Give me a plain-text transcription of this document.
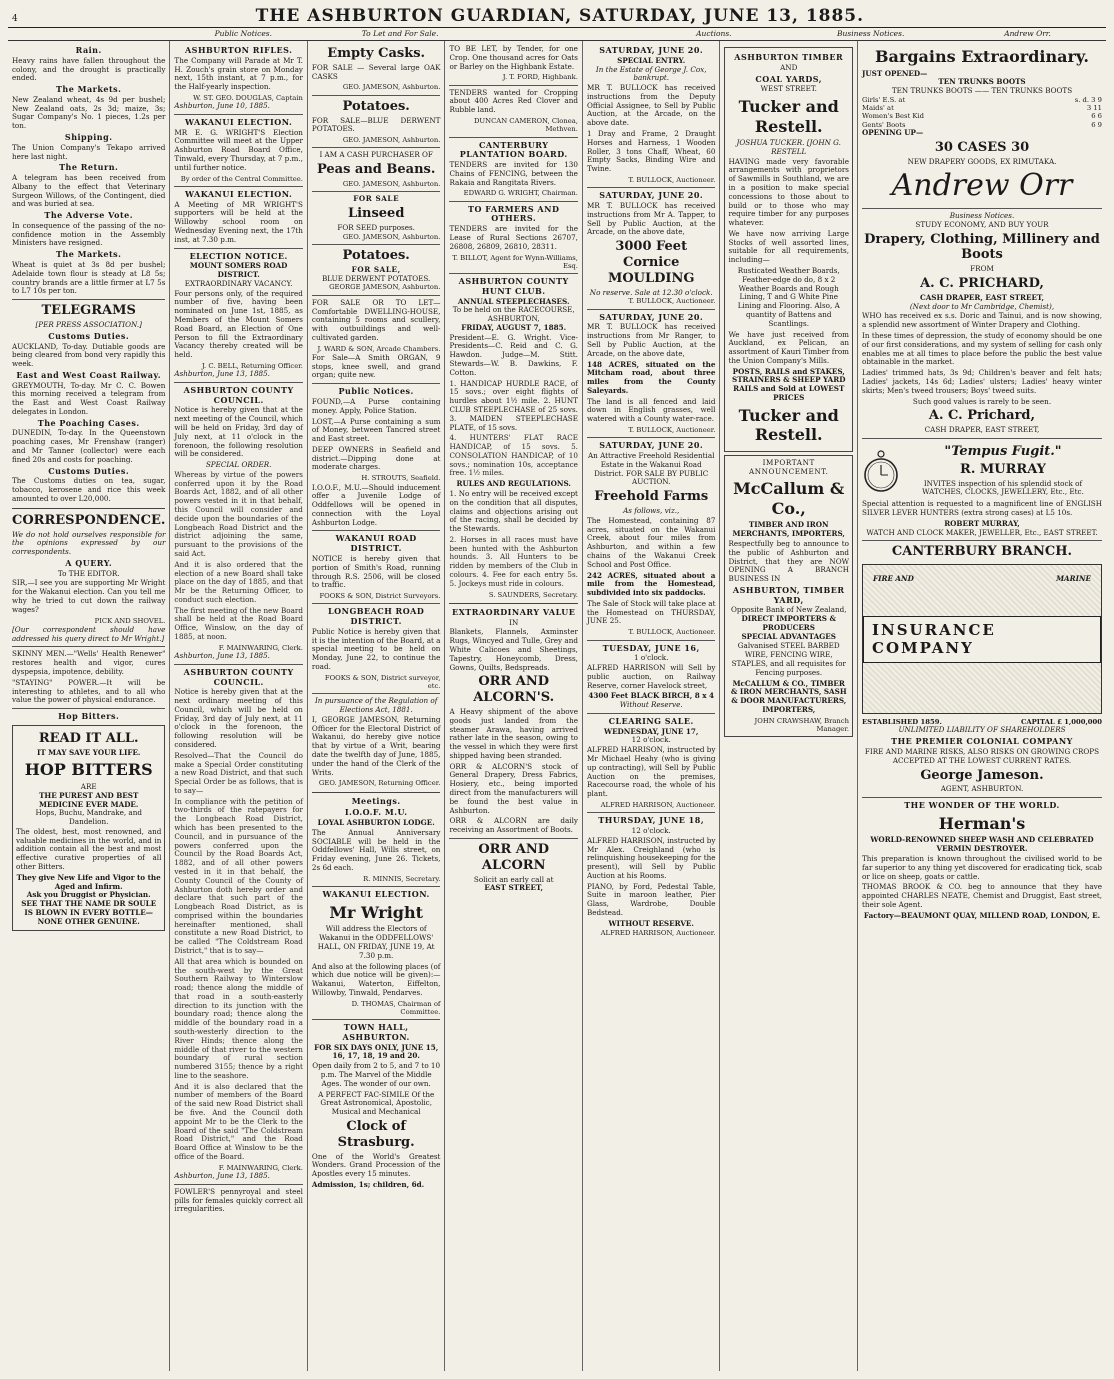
4	THE ASHBURTON GUARDIAN, SATURDAY, JUNE 13, 1885.
Public Notices.	To Let and For Sale.	Auctions.	Business Notices.	Andrew Orr.
Rain.

Heavy rains have fallen throughout the colony, and the drought is practically ended.

The Markets.

New Zealand wheat, 4s 9d per bushel; New Zealand oats, 2s 3d; maize, 3s; Sugar Company's No. 1 pieces, 1.2s per ton.

Shipping.

The Union Company's Tekapo arrived here last night.

The Return.

A telegram has been received from Albany to the effect that Veterinary Surgeon Willows, of the Contingent, died and was buried at sea.

The Adverse Vote.

In consequence of the passing of the no-confidence motion in the Assembly Ministers have resigned.

The Markets.

Wheat is quiet at 3s 8d per bushel; Adelaide town flour is steady at L8 5s; country brands are a little firmer at L7 5s to L7 10s per ton.

TELEGRAMS
[PER PRESS ASSOCIATION.]
Customs Duties.

AUCKLAND, To-day. Dutiable goods are being cleared from bond very rapidly this week.

East and West Coast Railway.

GREYMOUTH, To-day. Mr C. C. Bowen this morning received a telegram from the East and West Coast Railway delegates in London.

The Poaching Cases.

DUNEDIN, To-day. In the Queenstown poaching cases, Mr Frenshaw (ranger) and Mr Tanner (collector) were each fined 20s and costs for poaching.

Customs Duties.

The Customs duties on tea, sugar, tobacco, kerosene and rice this week amounted to over L20,000.

CORRESPONDENCE.

We do not hold ourselves responsible for the opinions expressed by our correspondents.

A QUERY.
To THE EDITOR.

SIR,—I see you are supporting Mr Wright for the Wakanui election. Can you tell me why he tried to cut down the railway wages?

PICK AND SHOVEL.

[Our correspondent should have addressed his query direct to Mr Wright.]

SKINNY MEN.—"Wells' Health Renewer" restores health and vigor, cures dyspepsia, impotence, debility.

"STAYING" POWER.—It will be interesting to athletes, and to all who value the power of physical endurance.

Hop Bitters.
READ IT ALL.
IT MAY SAVE YOUR LIFE.
HOP BITTERS
ARE
THE PUREST AND BEST MEDICINE EVER MADE.
Hops, Buchu, Mandrake, and Dandelion.

The oldest, best, most renowned, and valuable medicines in the world, and in addition contain all the best and most effective curative properties of all other Bitters.

They give New Life and Vigor to the Aged and Infirm.
Ask you Druggist or Physician.
SEE THAT THE NAME DR SOULE IS BLOWN IN EVERY BOTTLE—NONE OTHER GENUINE.
ASHBURTON RIFLES.

The Company will Parade at Mr T. H. Zouch's grain store on Monday next, 15th instant, at 7 p.m., for the Half-yearly inspection.

W. ST. GEO. DOUGLAS, Captain
Ashburton, June 10, 1885.
WAKANUI ELECTION.

MR E. G. WRIGHT'S Election Committee will meet at the Upper Ashburton Road Board Office, Tinwald, every Thursday, at 7 p.m., until further notice.

By order of the Central Committee.
WAKANUI ELECTION.

A Meeting of MR WRIGHT'S supporters will be held at the Willowby school room on Wednesday Evening next, the 17th inst, at 7.30 p.m.

ELECTION NOTICE.
MOUNT SOMERS ROAD DISTRICT.
EXTRAORDINARY VACANCY.

Four persons only, of the required number of five, having been nominated on June 1st, 1885, as Members of the Mount Somers Road Board, an Election of One Person to fill the Extraordinary Vacancy thereby created will be held.

J. C. BELL, Returning Officer.
Ashburton, June 13, 1885.
ASHBURTON COUNTY COUNCIL.

Notice is hereby given that at the next meeting of the Council, which will be held on Friday, 3rd day of July next, at 11 o'clock in the forenoon, the following resolution will be considered.

SPECIAL ORDER.

Whereas by virtue of the powers conferred upon it by the Road Boards Act, 1882, and of all other powers vested in it in that behalf, this Council will consider and decide upon the boundaries of the Longbeach Road District and the district adjoining the same, pursuant to the provisions of the said Act.

And it is also ordered that the election of a new Board shall take place on the day of 1885, and that Mr be the Returning Officer, to conduct such election.

The first meeting of the new Board shall be held at the Road Board Office, Winslow, on the day of 1885, at noon.

F. MAINWARING, Clerk.
Ashburton, June 13, 1885.
ASHBURTON COUNTY COUNCIL.

Notice is hereby given that at the next ordinary meeting of this Council, which will be held on Friday, 3rd day of July next, at 11 o'clock in the forenoon, the following resolution will be considered.

Resolved—That the Council do make a Special Order constituting a new Road District, and that such Special Order be as follows, that is to say—

In compliance with the petition of two-thirds of the ratepayers for the Longbeach Road District, which has been presented to the Council, and in pursuance of the powers conferred upon the Council by the Road Boards Act, 1882, and of all other powers vested in it in that behalf, the County Council of the County of Ashburton doth hereby order and declare that such part of the Longbeach Road District, as is comprised within the boundaries hereinafter mentioned, shall constitute a new Road District, to be called "The Coldstream Road District," that is to say—

All that area which is bounded on the south-west by the Great Southern Railway to Winterslow road; thence along the middle of that road in a south-easterly direction to its junction with the boundary road; thence along the middle of the boundary road in a south-westerly direction to the River Hinds; thence along the middle of that river to the western boundary of rural section numbered 3155; thence by a right line to the seashore.

And it is also declared that the number of members of the Board of the said new Road District shall be five. And the Council doth appoint Mr to be the Clerk to the Board of the said "The Coldstream Road District," and the Road Board Office at Winslow to be the office of the Board.

F. MAINWARING, Clerk.
Ashburton, June 13, 1885.

FOWLER'S pennyroyal and steel pills for females quickly correct all irregularities.

Empty Casks.

FOR SALE — Several large OAK CASKS

GEO. JAMESON, Ashburton.
Potatoes.

FOR SALE—BLUE DERWENT POTATOES.

GEO. JAMESON, Ashburton.
I AM A CASH PURCHASER OF
Peas and Beans.
GEO. JAMESON, Ashburton.
FOR SALE
Linseed
FOR SEED purposes.
GEO. JAMESON, Ashburton.
Potatoes.
FOR SALE,
BLUE DERWENT POTATOES.
GEORGE JAMESON, Ashburton.

FOR SALE OR TO LET—Comfortable DWELLING-HOUSE, containing 5 rooms and scullery, with outbuildings and well-cultivated garden.

J. WARD & SON, Arcade Chambers.

For Sale—A Smith ORGAN, 9 stops, knee swell, and grand organ; quite new.

Public Notices.

FOUND,—A Purse containing money. Apply, Police Station.

LOST,—A Purse containing a sum of Money, between Tancred street and East street.

DEEP OWNERS in Seafield and district.—Dipping done at moderate charges.

H. STROUTS, Seafield.

I.O.O.F., M.U.—Should inducement offer a Juvenile Lodge of Oddfellows will be opened in connection with the Loyal Ashburton Lodge.

WAKANUI ROAD DISTRICT.

NOTICE is hereby given that portion of Smith's Road, running through R.S. 2506, will be closed to traffic.

FOOKS & SON, District Surveyors.
LONGBEACH ROAD DISTRICT.

Public Notice is hereby given that it is the intention of the Board, at a special meeting to be held on Monday, June 22, to continue the road.

FOOKS & SON, District surveyor, etc.
In pursuance of the Regulation of Elections Act, 1881.

I, GEORGE JAMESON, Returning Officer for the Electoral District of Wakanui, do hereby give notice that by virtue of a Writ, bearing date the twelfth day of June, 1885, under the hand of the Clerk of the Writs.

GEO. JAMESON, Returning Officer.
Meetings.
I.O.O.F. M.U.
LOYAL ASHBURTON LODGE.

The Annual Anniversary SOCIABLE will be held in the Oddfellows' Hall, Wills street, on Friday evening, June 26. Tickets, 2s 6d each.

R. MINNIS, Secretary.
WAKANUI ELECTION.
Mr Wright

Will address the Electors of Wakanui in the ODDFELLOWS' HALL, ON FRIDAY, JUNE 19, At 7.30 p.m.

And also at the following places (of which due notice will be given):—Wakanui, Waterton, Eiffelton, Willowby, Tinwald, Pendarves.

D. THOMAS, Chairman of Committee.
TOWN HALL, ASHBURTON.
FOR SIX DAYS ONLY, JUNE 15, 16, 17, 18, 19 and 20.

Open daily from 2 to 5, and 7 to 10 p.m. The Marvel of the Middle Ages. The wonder of our own.

A PERFECT FAC-SIMILE Of the Great Astronomical, Apostolic, Musical and Mechanical

Clock of Strasburg.

One of the World's Greatest Wonders. Grand Procession of the Apostles every 15 minutes.

Admission, 1s; children, 6d.

TO BE LET, by Tender, for one Crop. One thousand acres for Oats or Barley on the Highbank Estate.

J. T. FORD, Highbank.

TENDERS wanted for Cropping about 400 Acres Red Clover and Rubble land.

DUNCAN CAMERON, Clonea, Methven.
CANTERBURY PLANTATION BOARD.

TENDERS are invited for 130 Chains of FENCING, between the Rakaia and Rangitata Rivers.

EDWARD G. WRIGHT, Chairman.
TO FARMERS AND OTHERS.

TENDERS are invited for the Lease of Rural Sections 26707, 26808, 26809, 26810, 28311.

T. BILLOT, Agent for Wynn-Williams, Esq.
ASHBURTON COUNTY HUNT CLUB.
ANNUAL STEEPLECHASES.
To be held on the RACECOURSE, ASHBURTON,
FRIDAY, AUGUST 7, 1885.

President—E. G. Wright. Vice-Presidents—C. Reid and C. G. Hawdon. Judge—M. Stitt. Stewards—W. B. Dawkins, F. Cotton.

1. HANDICAP HURDLE RACE, of 15 sovs.; over eight flights of hurdles about 1½ mile. 2. HUNT CLUB STEEPLECHASE of 25 sovs. 3. MAIDEN STEEPLECHASE PLATE, of 15 sovs.

4. HUNTERS' FLAT RACE HANDICAP, of 15 sovs. 5. CONSOLATION HANDICAP, of 10 sovs.; nomination 10s, acceptance free. 1½ miles.

RULES AND REGULATIONS.

1. No entry will be received except on the condition that all disputes, claims and objections arising out of the racing, shall be decided by the Stewards.

2. Horses in all races must have been hunted with the Ashburton hounds. 3. All Hunters to be ridden by members of the Club in colours. 4. Fee for each entry 5s. 5. Jockeys must ride in colours.

S. SAUNDERS, Secretary.
EXTRAORDINARY VALUE
IN

Blankets, Flannels, Axminster Rugs, Wincyed and Tulle, Grey and White Calicoes and Sheetings, Tapestry, Honeycomb, Dress, Gowns, Quilts, Bedspreads.

ORR AND ALCORN'S.

A Heavy shipment of the above goods just landed from the steamer Arawa, having arrived rather late in the season, owing to the vessel in which they were first shipped having been stranded.

ORR & ALCORN'S stock of General Drapery, Dress Fabrics, Hosiery, etc., being imported direct from the manufacturers will be found the best value in Ashburton.

ORR & ALCORN are daily receiving an Assortment of Boots.

ORR AND ALCORN
Solicit an early call at
EAST STREET,
SATURDAY, JUNE 20.
SPECIAL ENTRY.
In the Estate of George J. Cox, bankrupt.

MR T. BULLOCK has received instructions from the Deputy Official Assignee, to Sell by Public Auction, at the Arcade, on the above date.

1 Dray and Frame, 2 Draught Horses and Harness, 1 Wooden Roller, 3 tons Chaff, Wheat, 60 Empty Sacks, Binding Wire and Twine.

T. BULLOCK, Auctioneer.
SATURDAY, JUNE 20.

MR T. BULLOCK has received instructions from Mr A. Tapper, to Sell by Public Auction, at the Arcade, on the above date,

3000 Feet Cornice MOULDING
No reserve. Sale at 12.30 o'clock.
T. BULLOCK, Auctioneer.
SATURDAY, JUNE 20.

MR T. BULLOCK has received instructions from Mr Ranger, to Sell by Public Auction, at the Arcade, on the above date,

148 ACRES, situated on the Mitcham road, about three miles from the County Saleyards.

The land is all fenced and laid down in English grasses, well watered with a County water-race.

T. BULLOCK, Auctioneer.
SATURDAY, JUNE 20.

An Attractive Freehold Residential Estate in the Wakanui Road District. FOR SALE BY PUBLIC AUCTION.

Freehold Farms
As follows, viz.,

The Homestead, containing 87 acres, situated on the Wakanui Creek, about four miles from Ashburton, and within a few chains of the Wakanui Creek School and Post Office.

242 ACRES, situated about a mile from the Homestead, subdivided into six paddocks.

The Sale of Stock will take place at the Homestead on THURSDAY, JUNE 25.

T. BULLOCK, Auctioneer.
TUESDAY, JUNE 16,
1 o'clock.

ALFRED HARRISON will Sell by public auction, on Railway Reserve, corner Havelock street,

4300 Feet BLACK BIRCH, 8 x 4
Without Reserve.
CLEARING SALE.
WEDNESDAY, JUNE 17,
12 o'clock.

ALFRED HARRISON, instructed by Mr Michael Heahy (who is giving up contracting), will Sell by Public Auction on the premises, Racecourse road, the whole of his plant.

ALFRED HARRISON, Auctioneer.
THURSDAY, JUNE 18,
12 o'clock.

ALFRED HARRISON, instructed by Mr Alex. Creighland (who is relinquishing housekeeping for the present), will Sell by Public Auction at his Rooms.

PIANO, by Ford, Pedestal Table, Suite in maroon leather, Pier Glass, Wardrobe, Double Bedstead.

WITHOUT RESERVE.
ALFRED HARRISON, Auctioneer.
ASHBURTON TIMBER
AND
COAL YARDS,
WEST STREET.
Tucker and Restell.
JOSHUA TUCKER. [JOHN G. RESTELL

HAVING made very favorable arrangements with proprietors of Sawmills in Southland, we are in a position to make special concessions to those about to build or to those who may require timber for any purposes whatever.

We have now arriving Large Stocks of well assorted lines, suitable for all requirements, including—

Rusticated Weather Boards, Feather-edge do do, 8 x 2 Weather Boards and Rough Lining, T and G White Pine Lining and Flooring. Also, A quantity of Battens and Scantlings.

We have just received from Auckland, ex Pelican, an assortment of Kauri Timber from the Union Company's Mills.

POSTS, RAILS and STAKES, STRAINERS & SHEEP YARD RAILS and Sold at LOWEST PRICES

Tucker and Restell.
IMPORTANT ANNOUNCEMENT.
McCallum & Co.,
TIMBER AND IRON MERCHANTS, IMPORTERS,

Respectfully beg to announce to the public of Ashburton and District, that they are NOW OPENING A BRANCH BUSINESS IN

ASHBURTON, TIMBER YARD,
Opposite Bank of New Zealand,
DIRECT IMPORTERS & PRODUCERS
SPECIAL ADVANTAGES

Galvanised STEEL BARBED WIRE, FENCING WIRE, STAPLES, and all requisites for Fencing purposes.

McCALLUM & CO., TIMBER & IRON MERCHANTS, SASH & DOOR MANUFACTURERS, IMPORTERS,

JOHN CRAWSHAW, Branch Manager.
Bargains Extraordinary.
JUST OPENED—
TEN TRUNKS BOOTS
TEN TRUNKS BOOTS —— TEN TRUNKS BOOTS
Girls' E.S. at	s. d. 3 9
Maids' at	3 11
Women's Best Kid	6 6
Gents' Boots	6 9
OPENING UP—
30 CASES 30
NEW DRAPERY GOODS, EX RIMUTAKA.
Andrew Orr
Business Notices.
STUDY ECONOMY, AND BUY YOUR
Drapery, Clothing, Millinery and Boots
FROM
A. C. PRICHARD,
CASH DRAPER, EAST STREET,
(Next door to Mr Cambridge, Chemist),

WHO has received ex s.s. Doric and Tainui, and is now showing, a splendid new assortment of Winter Drapery and Clothing.

In these times of depression, the study of economy should be one of our first considerations, and my system of selling for cash only enables me at all times to place before the public the best value obtainable in the market.

Ladies' trimmed hats, 3s 9d; Children's beaver and felt hats; Ladies' jackets, 14s 6d; Ladies' ulsters; Ladies' heavy winter skirts; Men's tweed trousers; Boys' tweed suits.

Such good values is rarely to be seen.
A. C. Prichard,
CASH DRAPER, EAST STREET,
"Tempus Fugit."
R. MURRAY

INVITES inspection of his splendid stock of WATCHES, CLOCKS, JEWELLERY, Etc., Etc.

Special attention is requested to a magnificent line of ENGLISH SILVER LEVER HUNTERS (extra strong cases) at L5 10s.

ROBERT MURRAY,
WATCH AND CLOCK MAKER, JEWELLER, Etc., EAST STREET.
CANTERBURY BRANCH.
FIRE AND	MARINE
INSURANCE COMPANY
ESTABLISHED 1859.	CAPITAL £ 1,000,000
UNLIMITED LIABILITY OF SHAREHOLDERS
THE PREMIER COLONIAL COMPANY

FIRE AND MARINE RISKS, ALSO RISKS ON GROWING CROPS ACCEPTED AT THE LOWEST CURRENT RATES.

George Jameson.
AGENT, ASHBURTON.
THE WONDER OF THE WORLD.
Herman's
WORLD-RENOWNED SHEEP WASH AND CELEBRATED VERMIN DESTROYER.

This preparation is known throughout the civilised world to be far superior to any thing yet discovered for eradicating tick, scab or lice on sheep, goats or cattle.

THOMAS BROOK & CO. beg to announce that they have appointed CHARLES NEATE, Chemist and Druggist, East street, their sole Agent.

Factory—BEAUMONT QUAY, MILLEND ROAD, LONDON, E.
